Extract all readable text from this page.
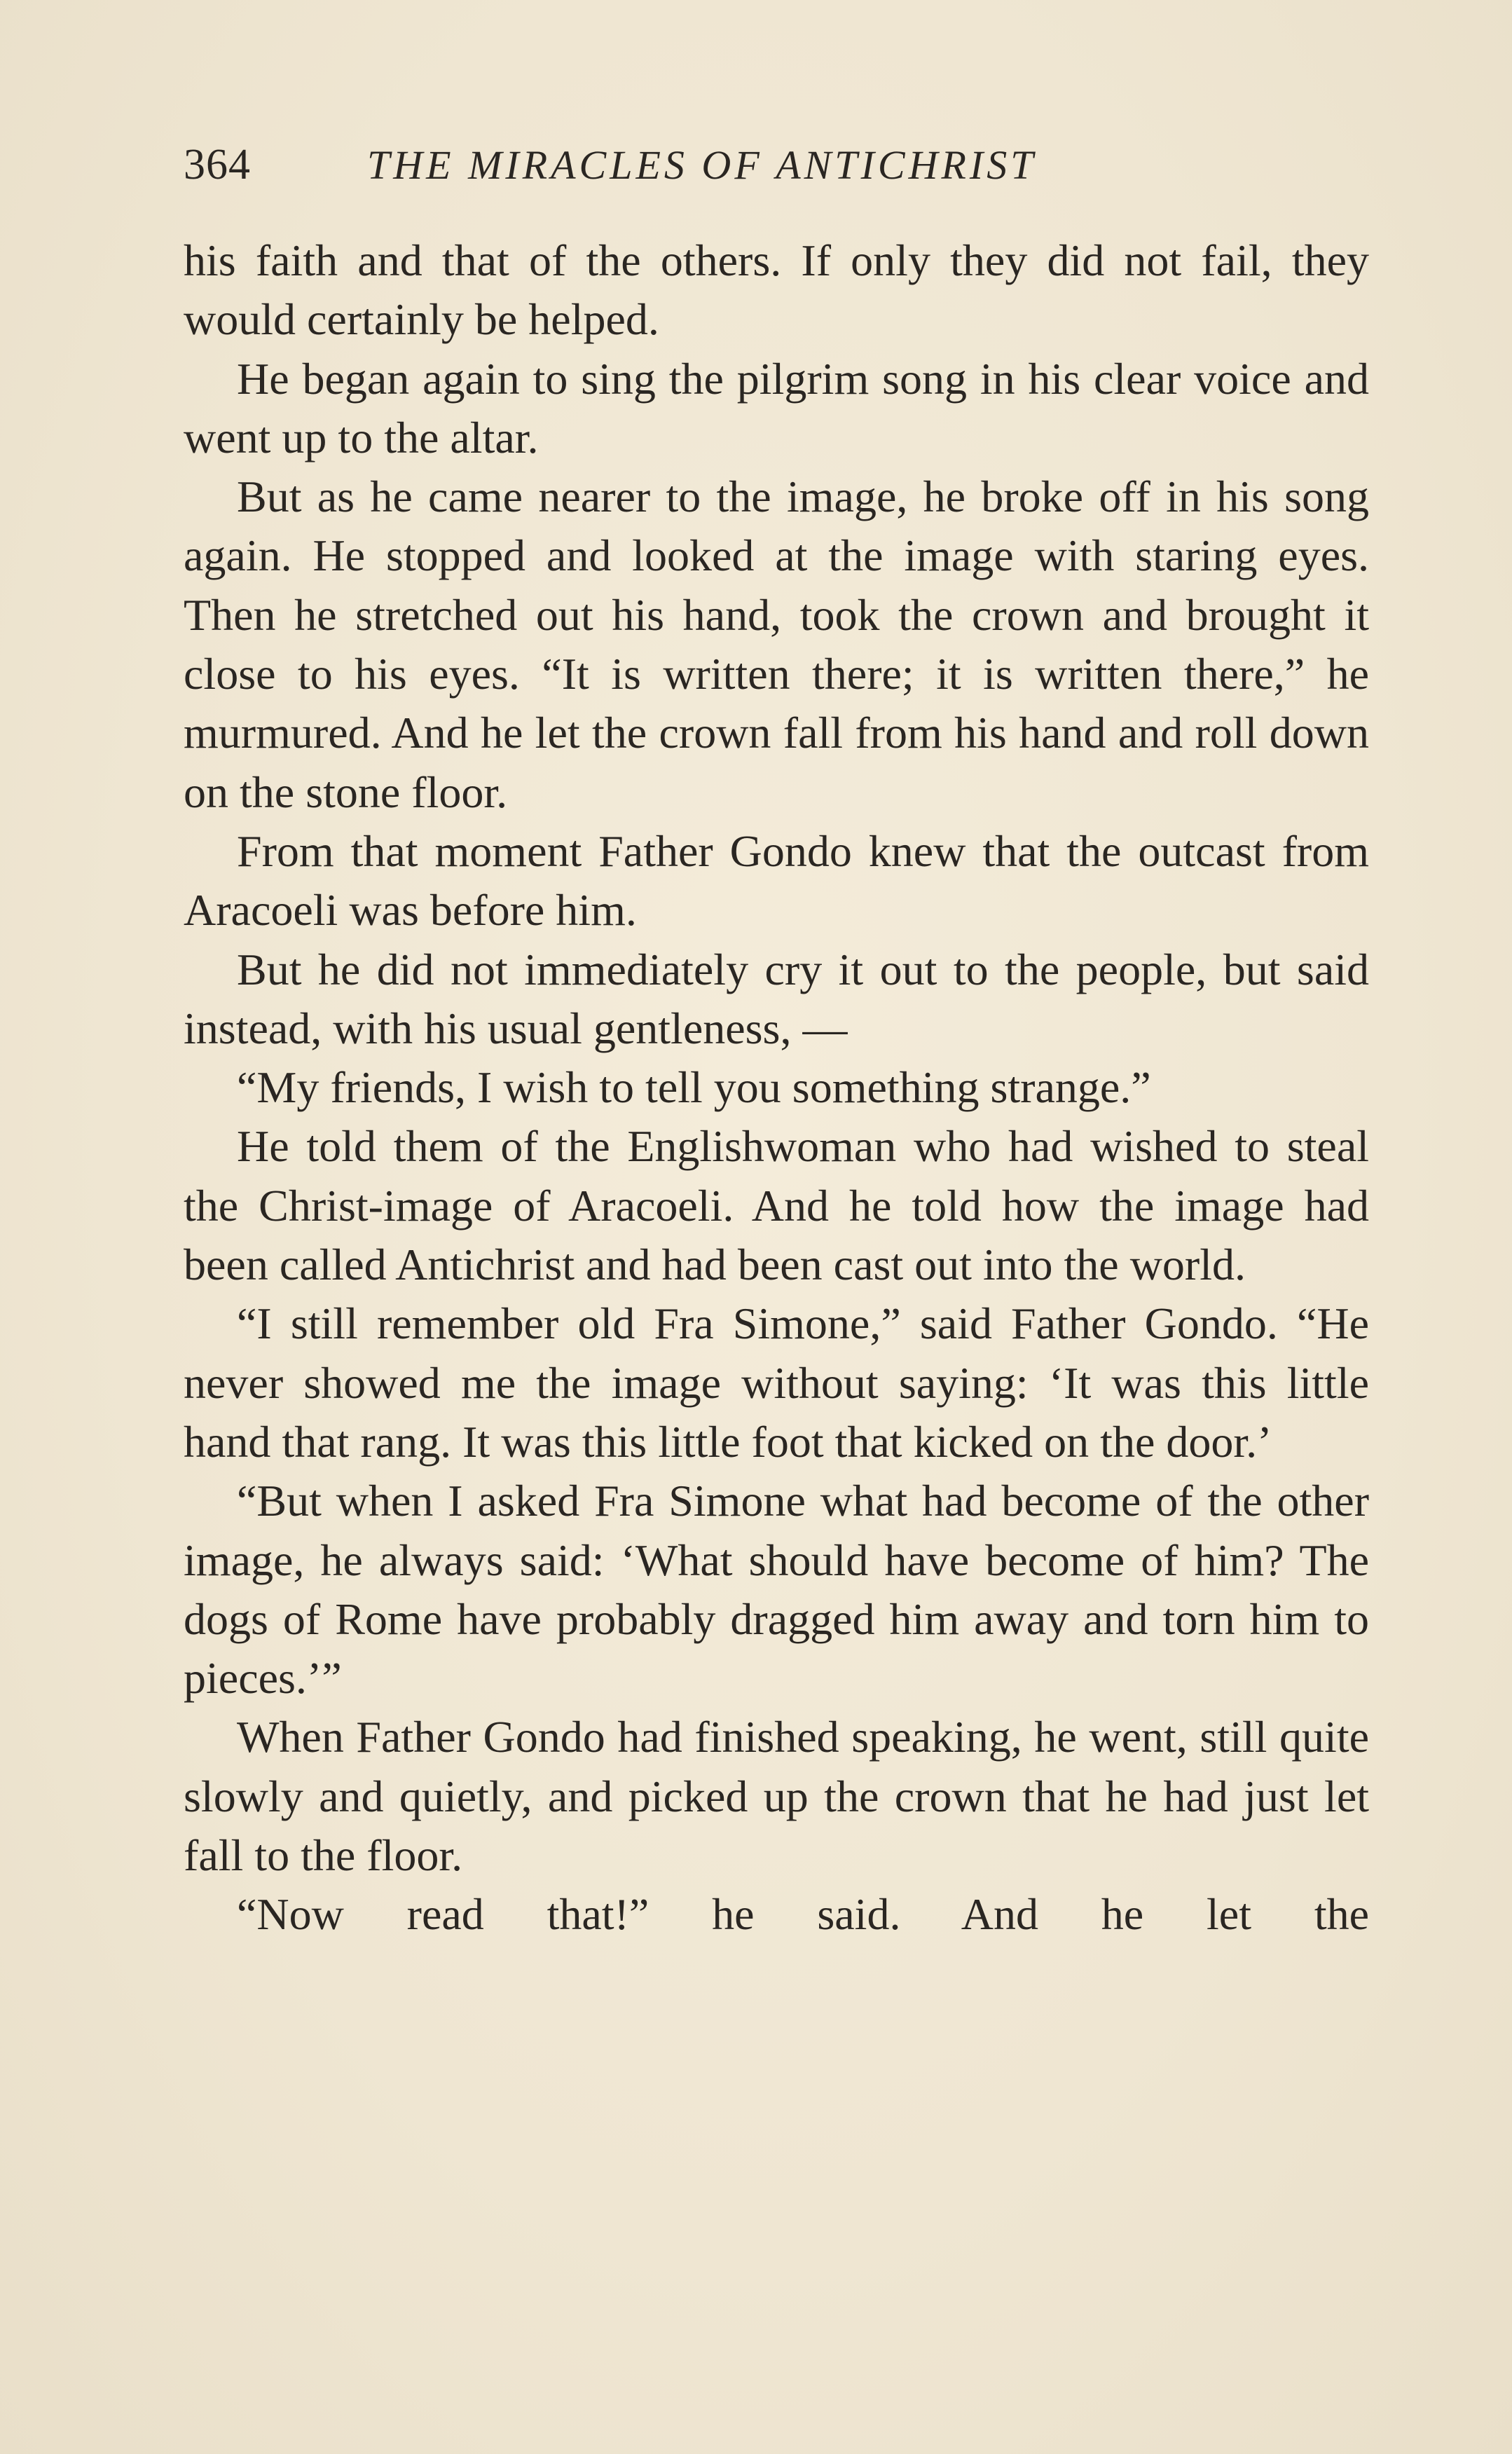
364	THE MIRACLES OF ANTICHRIST

his faith and that of the others. If only they did not fail, they would certainly be helped.

He began again to sing the pilgrim song in his clear voice and went up to the altar.

But as he came nearer to the image, he broke off in his song again. He stopped and looked at the image with staring eyes. Then he stretched out his hand, took the crown and brought it close to his eyes. “It is written there; it is written there,” he murmured. And he let the crown fall from his hand and roll down on the stone floor.

From that moment Father Gondo knew that the outcast from Aracoeli was before him.

But he did not immediately cry it out to the people, but said instead, with his usual gentleness, —

“My friends, I wish to tell you something strange.”

He told them of the Englishwoman who had wished to steal the Christ-image of Aracoeli. And he told how the image had been called Antichrist and had been cast out into the world.

“I still remember old Fra Simone,” said Father Gondo. “He never showed me the image without saying: ‘It was this little hand that rang. It was this little foot that kicked on the door.’

“But when I asked Fra Simone what had become of the other image, he always said: ‘What should have become of him? The dogs of Rome have probably dragged him away and torn him to pieces.’”

When Father Gondo had finished speaking, he went, still quite slowly and quietly, and picked up the crown that he had just let fall to the floor.

“Now read that!” he said. And he let the
